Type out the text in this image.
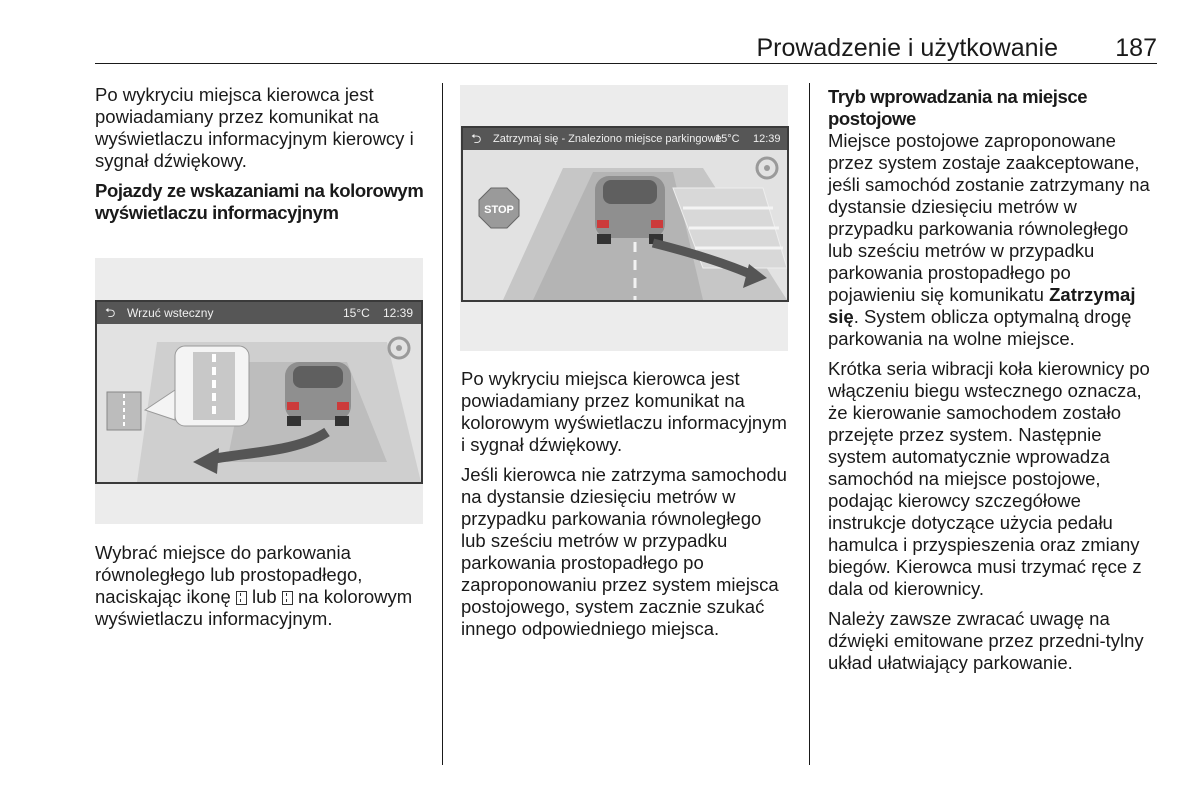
Prowadzenie i użytkowanie 187

Po wykryciu miejsca kierowca jest powiadamiany przez komunikat na wyświetlaczu informacyjnym kierowcy i sygnał dźwiękowy.

Pojazdy ze wskazaniami na kolorowym wyświetlaczu informacyjnym
⮌ Wrzuć wsteczny	15°C 12:39

Wybrać miejsce do parkowania równoległego lub prostopadłego, naciskając ikonę lub na kolorowym wyświetlaczu informacyjnym.

STOP
⮌ Zatrzymaj się - Znaleziono miejsce parkingowe
15°C 12:39

Po wykryciu miejsca kierowca jest powiadamiany przez komunikat na kolorowym wyświetlaczu informacyjnym i sygnał dźwiękowy.

Jeśli kierowca nie zatrzyma samochodu na dystansie dziesięciu metrów w przypadku parkowania równoległego lub sześciu metrów w przypadku parkowania prostopadłego po zaproponowaniu przez system miejsca postojowego, system zacznie szukać innego odpowiedniego miejsca.

Tryb wprowadzania na miejsce postojowe

Miejsce postojowe zaproponowane przez system zostaje zaakceptowane, jeśli samochód zostanie zatrzymany na dystansie dziesięciu metrów w przypadku parkowania równoległego lub sześciu metrów w przypadku parkowania prostopadłego po pojawieniu się komunikatu Zatrzymaj się. System oblicza optymalną drogę parkowania na wolne miejsce.

Krótka seria wibracji koła kierownicy po włączeniu biegu wstecznego oznacza, że kierowanie samochodem zostało przejęte przez system. Następnie system automatycznie wprowadza samochód na miejsce postojowe, podając kierowcy szczegółowe instrukcje dotyczące użycia pedału hamulca i przyspieszenia oraz zmiany biegów. Kierowca musi trzymać ręce z dala od kierownicy.

Należy zawsze zwracać uwagę na dźwięki emitowane przez przedni-tylny układ ułatwiający parkowanie.
